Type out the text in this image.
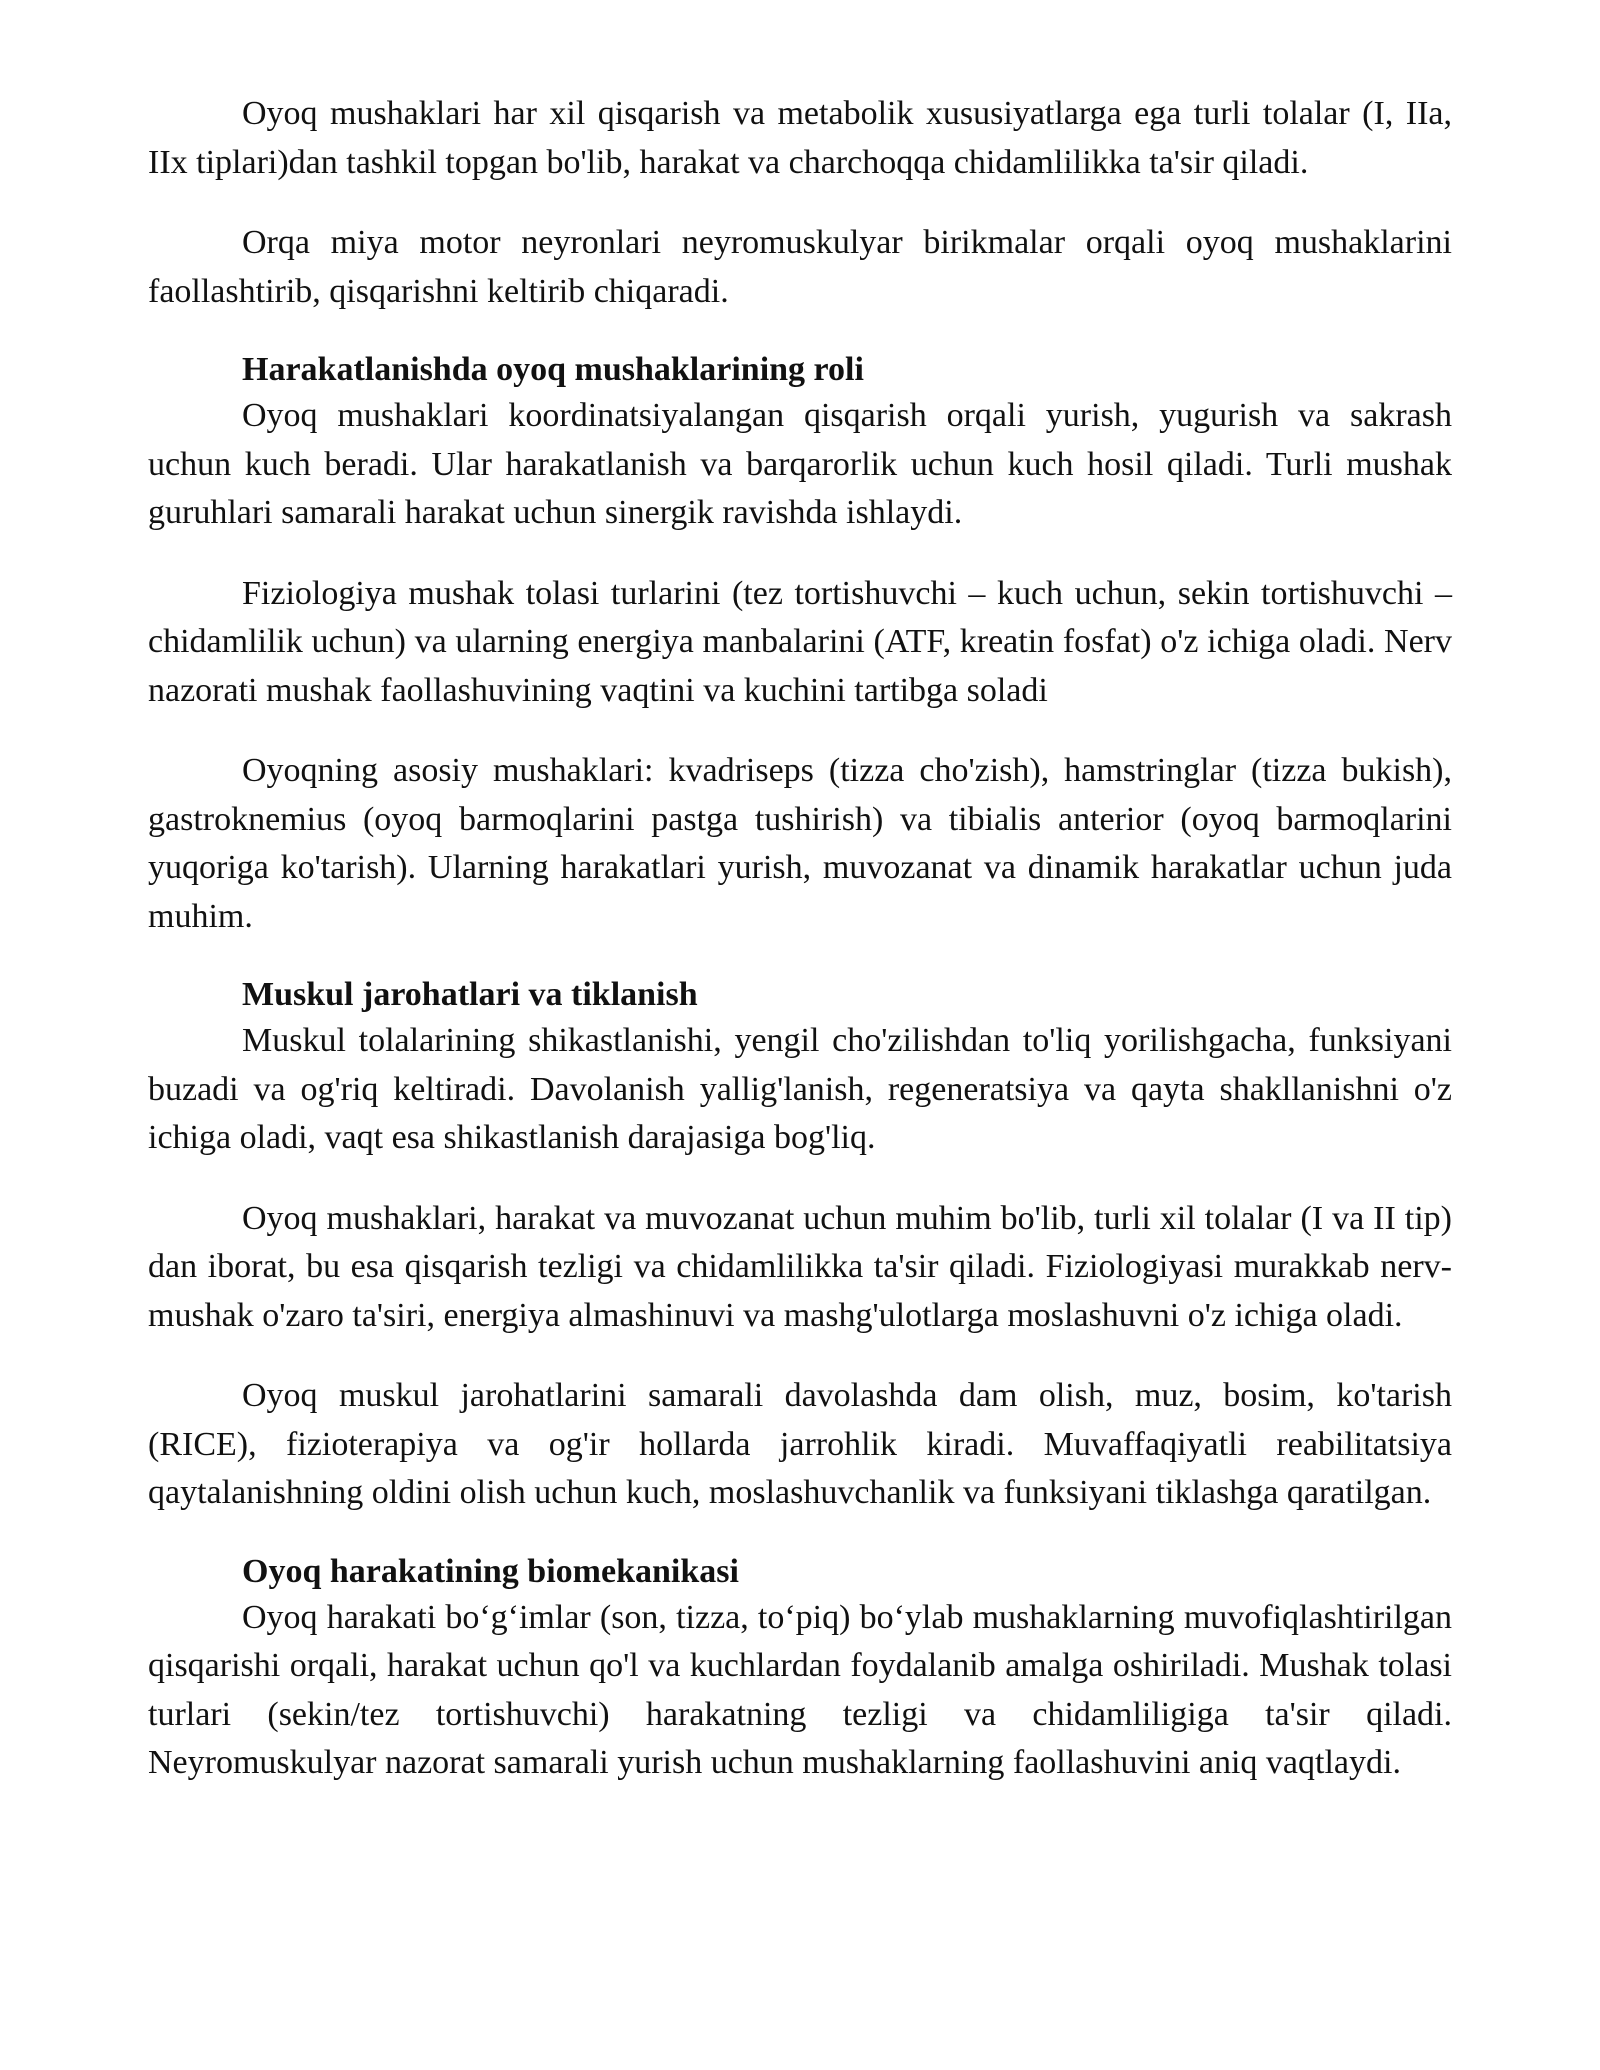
Oyoq mushaklari har xil qisqarish va metabolik xususiyatlarga ega turli tolalar (I, IIa, IIx tiplari)dan tashkil topgan bo'lib, harakat va charchoqqa chidamlilikka ta'sir qiladi.

Orqa miya motor neyronlari neyromuskulyar birikmalar orqali oyoq mushaklarini faollashtirib, qisqarishni keltirib chiqaradi.

Harakatlanishda oyoq mushaklarining roli

Oyoq mushaklari koordinatsiyalangan qisqarish orqali yurish, yugurish va sakrash uchun kuch beradi. Ular harakatlanish va barqarorlik uchun kuch hosil qiladi. Turli mushak guruhlari samarali harakat uchun sinergik ravishda ishlaydi.

Fiziologiya mushak tolasi turlarini (tez tortishuvchi – kuch uchun, sekin tortishuvchi – chidamlilik uchun) va ularning energiya manbalarini (ATF, kreatin fosfat) o'z ichiga oladi. Nerv nazorati mushak faollashuvining vaqtini va kuchini tartibga soladi

Oyoqning asosiy mushaklari: kvadriseps (tizza cho'zish), hamstringlar (tizza bukish), gastroknemius (oyoq barmoqlarini pastga tushirish) va tibialis anterior (oyoq barmoqlarini yuqoriga ko'tarish). Ularning harakatlari yurish, muvozanat va dinamik harakatlar uchun juda muhim.

Muskul jarohatlari va tiklanish

Muskul tolalarining shikastlanishi, yengil cho'zilishdan to'liq yorilishgacha, funksiyani buzadi va og'riq keltiradi. Davolanish yallig'lanish, regeneratsiya va qayta shakllanishni o'z ichiga oladi, vaqt esa shikastlanish darajasiga bog'liq.

Oyoq mushaklari, harakat va muvozanat uchun muhim bo'lib, turli xil tolalar (I va II tip) dan iborat, bu esa qisqarish tezligi va chidamlilikka ta'sir qiladi. Fiziologiyasi murakkab nerv-mushak o'zaro ta'siri, energiya almashinuvi va mashg'ulotlarga moslashuvni o'z ichiga oladi.

Oyoq muskul jarohatlarini samarali davolashda dam olish, muz, bosim, ko'tarish (RICE), fizioterapiya va og'ir hollarda jarrohlik kiradi. Muvaffaqiyatli reabilitatsiya qaytalanishning oldini olish uchun kuch, moslashuvchanlik va funksiyani tiklashga qaratilgan.

Oyoq harakatining biomekanikasi

Oyoq harakati bo‘g‘imlar (son, tizza, to‘piq) bo‘ylab mushaklarning muvofiqlashtirilgan qisqarishi orqali, harakat uchun qo'l va kuchlardan foydalanib amalga oshiriladi. Mushak tolasi turlari (sekin/tez tortishuvchi) harakatning tezligi va chidamliligiga ta'sir qiladi. Neyromuskulyar nazorat samarali yurish uchun mushaklarning faollashuvini aniq vaqtlaydi.
